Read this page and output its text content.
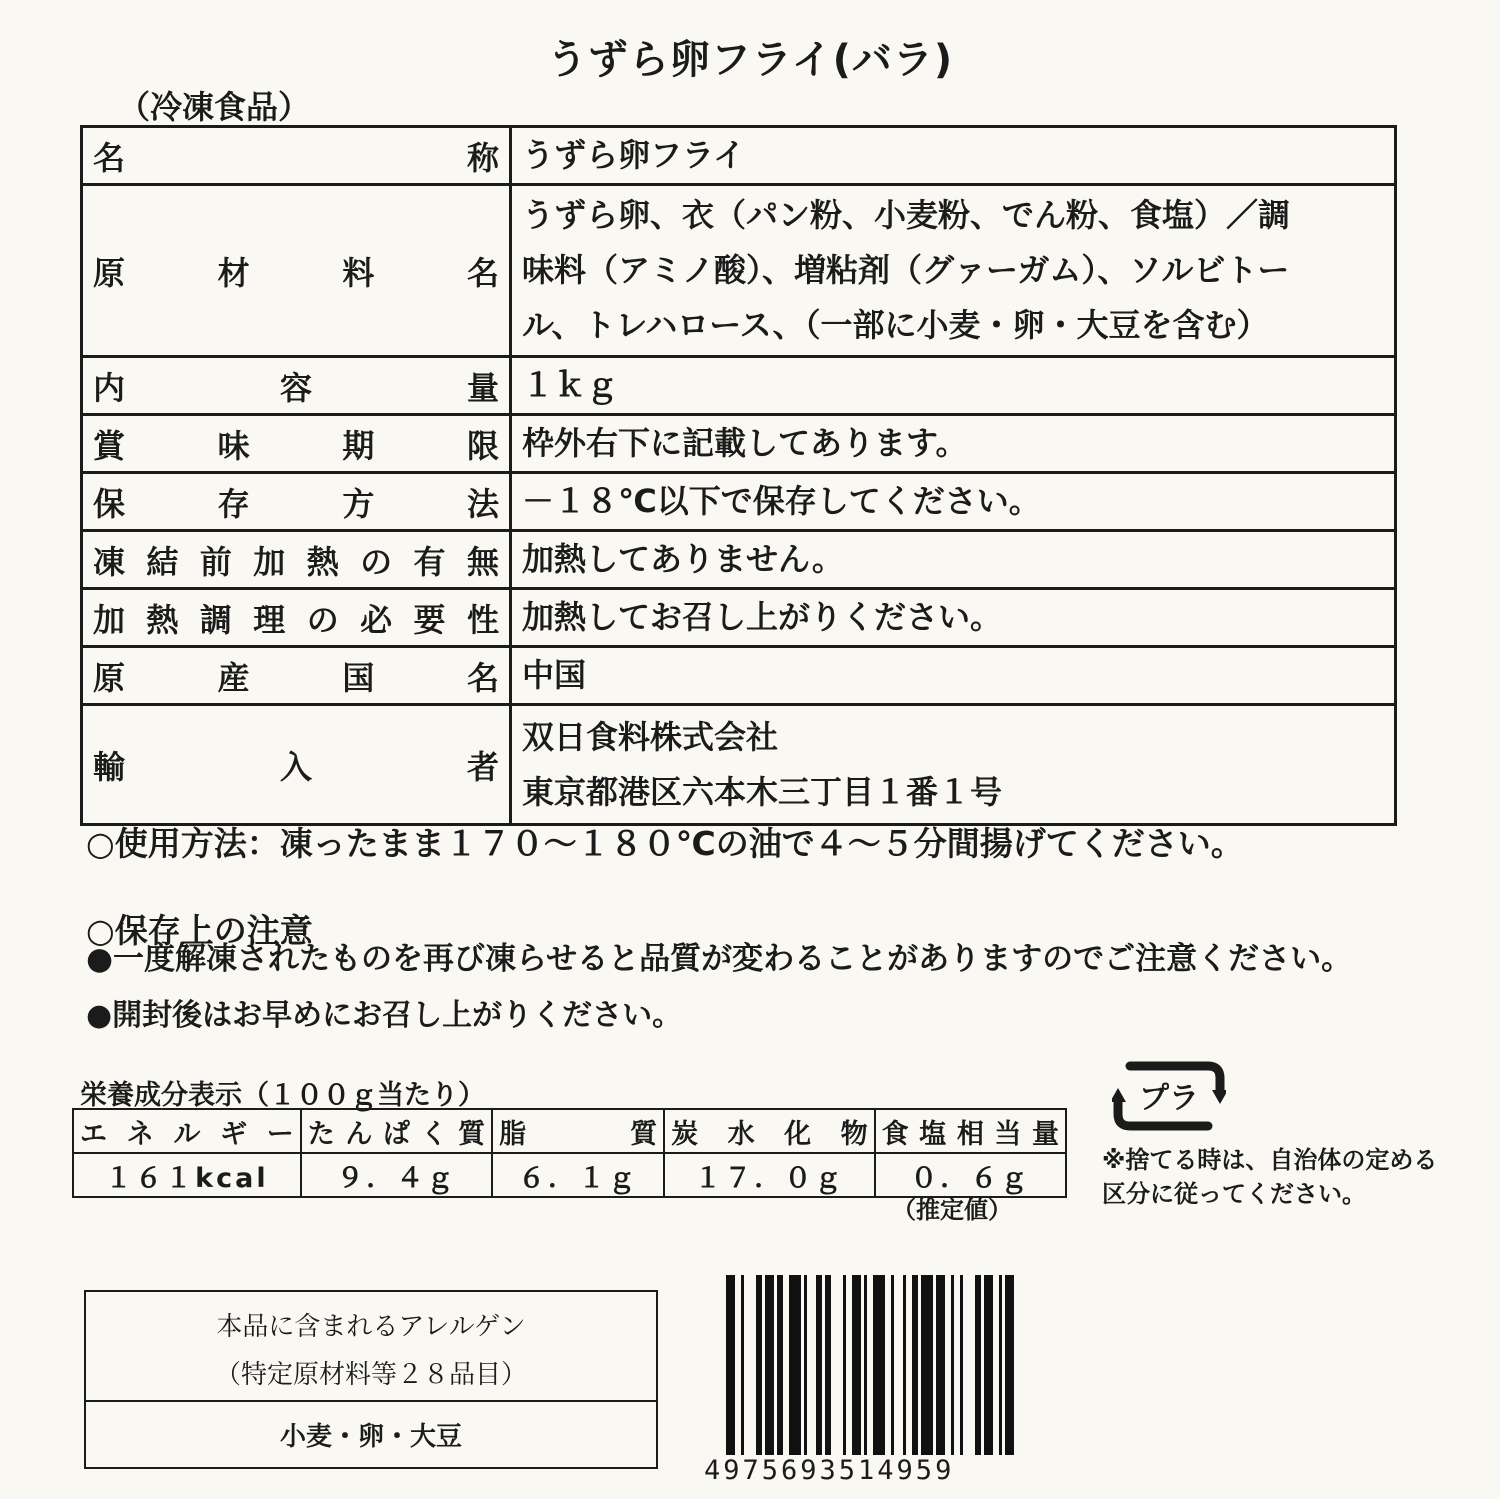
うずら卵フライ(バラ)
（冷凍食品）
名称	うずら卵フライ
原材料名	うずら卵、衣（パン粉、小麦粉、でん粉、食塩）／調
味料（アミノ酸）、増粘剤（グァーガム）、ソルビトー
ル、トレハロース、（一部に小麦・卵・大豆を含む）

内容量	１ｋｇ
賞味期限	枠外右下に記載してあります。
保存方法	－１８℃以下で保存してください。
凍結前加熱の有無	加熱してありません。
加熱調理の必要性	加熱してお召し上がりください。
原産国名	中国
輸入者	双日食料株式会社
東京都港区六本木三丁目１番１号
○使用方法：凍ったまま１７０～１８０℃の油で４～５分間揚げてください。
○保存上の注意
●一度解凍されたものを再び凍らせると品質が変わることがありますのでご注意ください。
●開封後はお早めにお召し上がりください。
栄養成分表示（１００ｇ当たり）
エネルギー	たんぱく質	脂質	炭水化物	食塩相当量
１６１kcal	９．４ｇ	６．１ｇ	１７．０ｇ	０．６ｇ
（推定値）
プラ
※捨てる時は、自治体の定める区分に従ってください。
本品に含まれるアレルゲン
（特定原材料等２８品目）
小麦・卵・大豆
4975693514959
